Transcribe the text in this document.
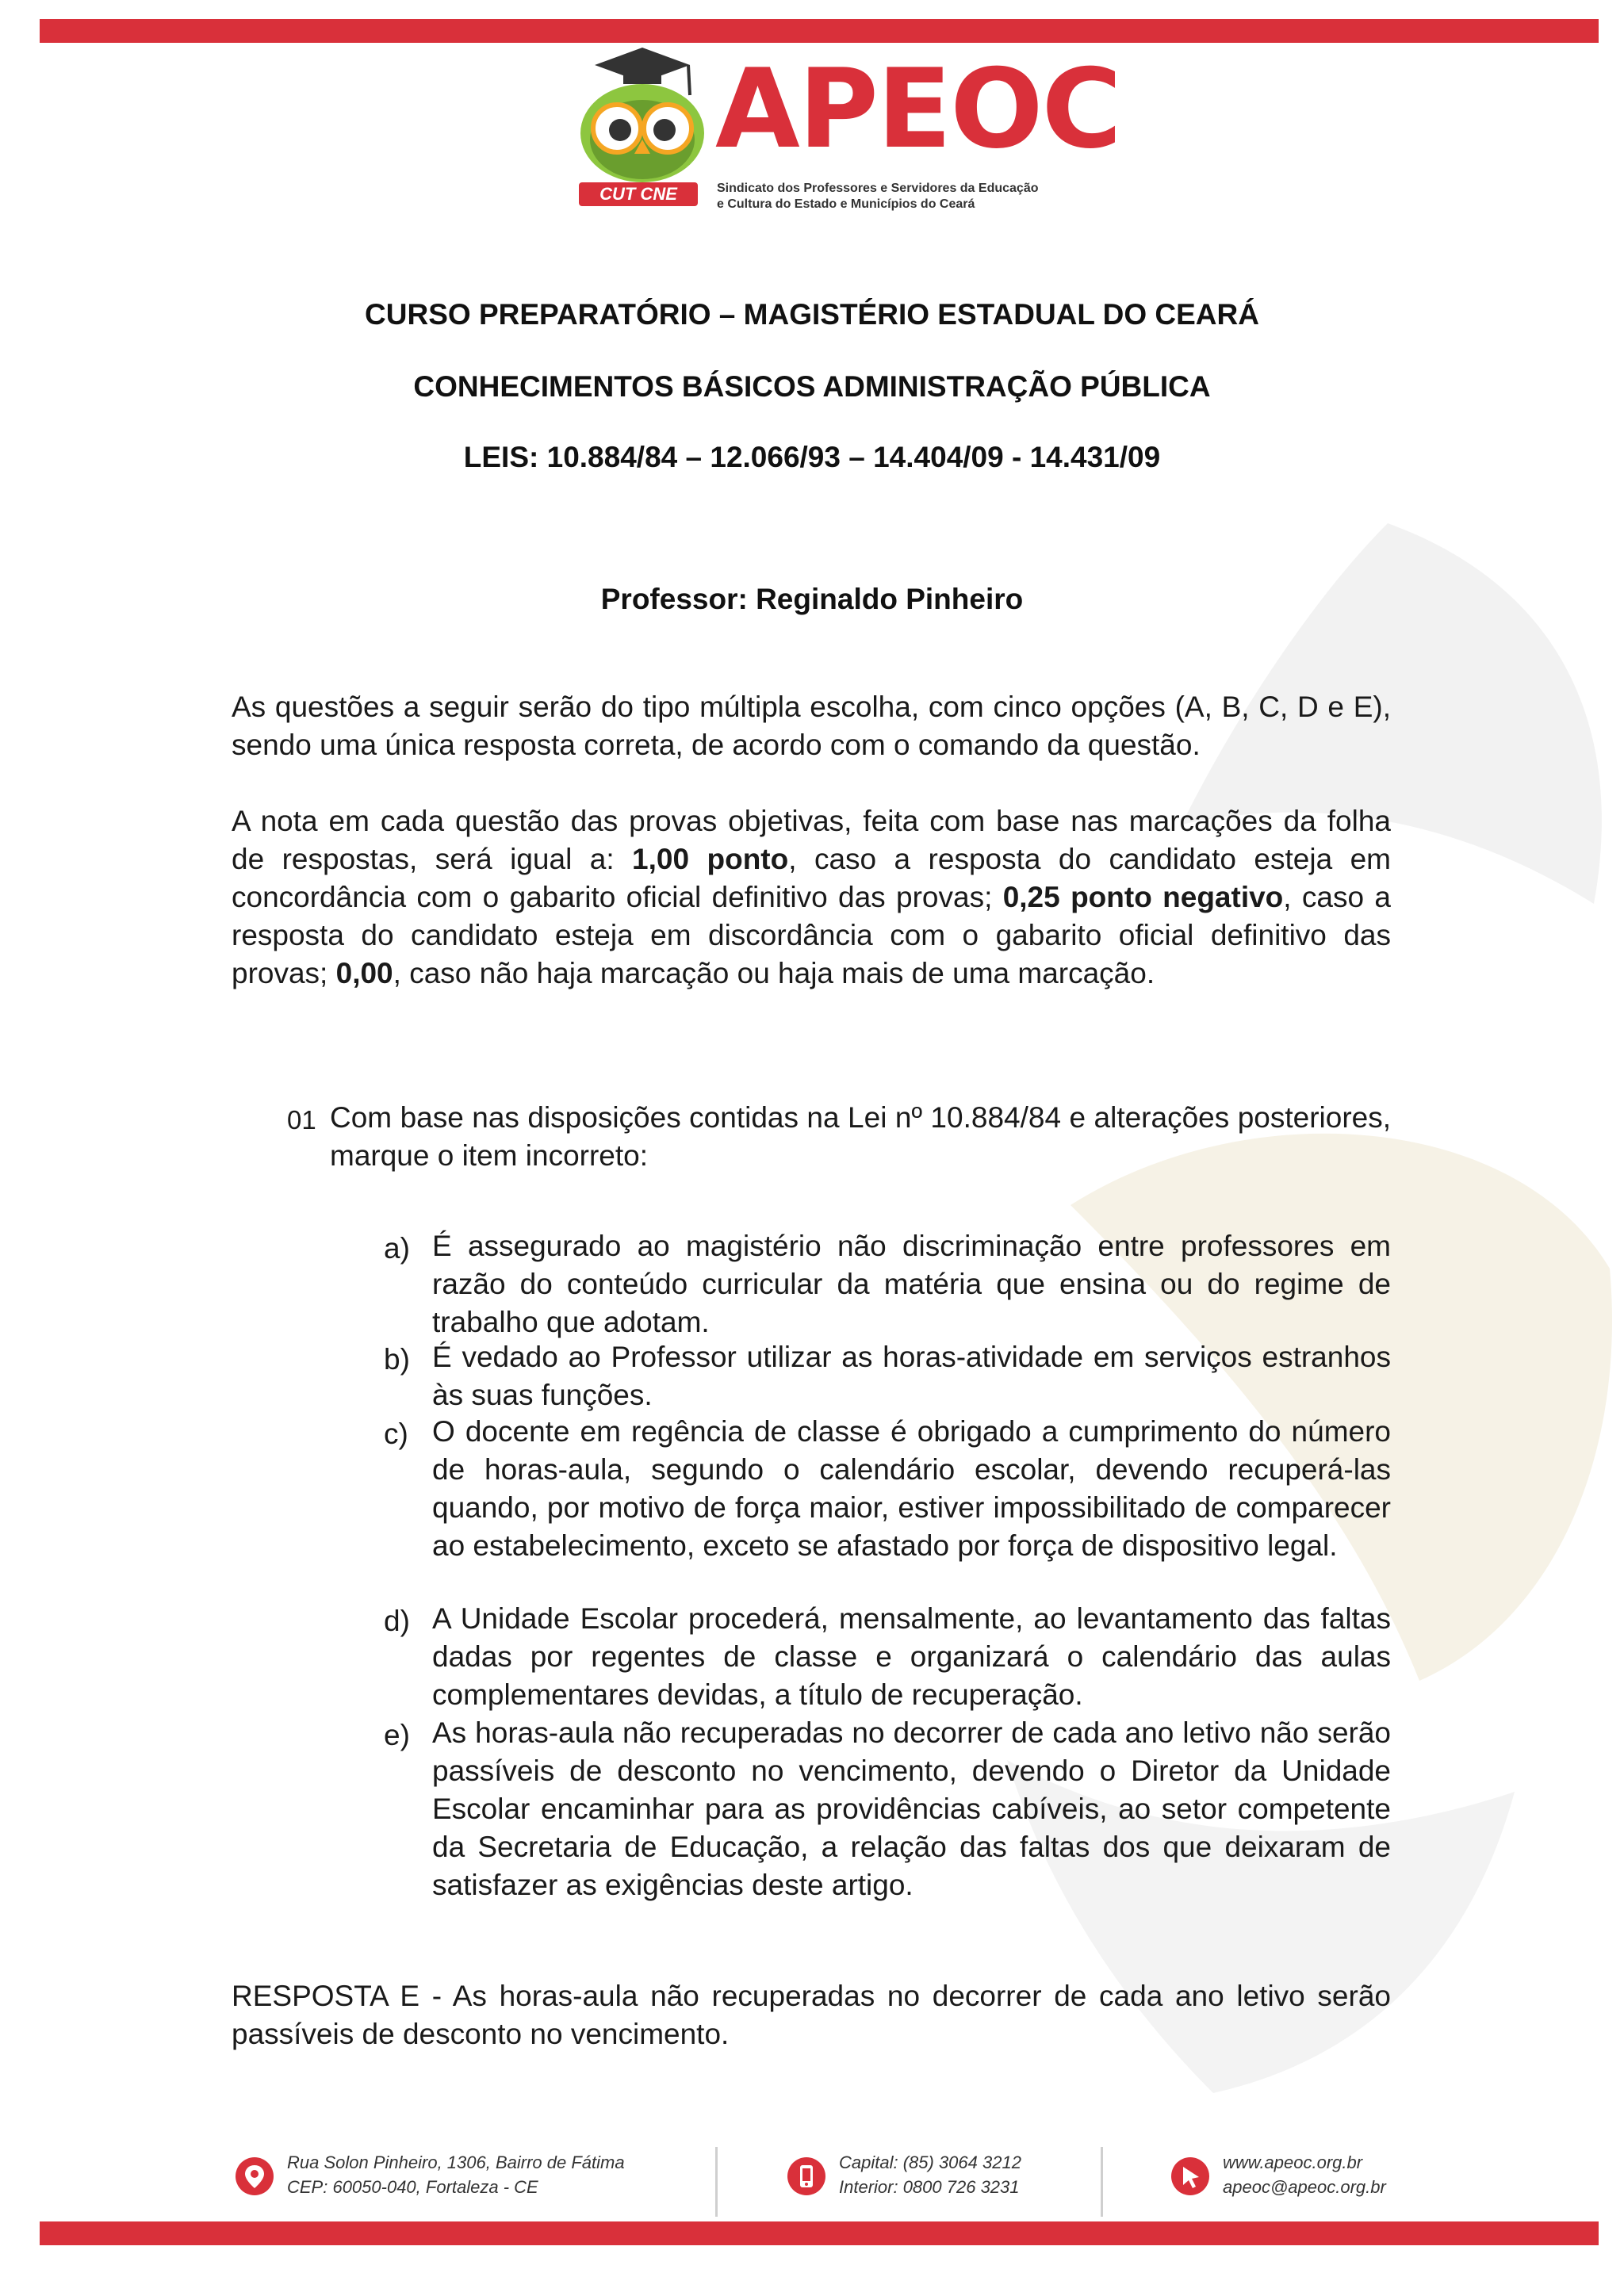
CUT CNE
APEOC
Sindicato dos Professores e Servidores da Educação
e Cultura do Estado e Municípios do Ceará
CURSO PREPARATÓRIO – MAGISTÉRIO ESTADUAL DO CEARÁ
CONHECIMENTOS BÁSICOS ADMINISTRAÇÃO PÚBLICA
LEIS: 10.884/84 – 12.066/93 – 14.404/09 - 14.431/09
Professor: Reginaldo Pinheiro

As questões a seguir serão do tipo múltipla escolha, com cinco opções (A, B, C, D e E), sendo uma única resposta correta, de acordo com o comando da questão.

A nota em cada questão das provas objetivas, feita com base nas marcações da folha de respostas, será igual a: 1,00 ponto, caso a resposta do candidato esteja em concordância com o gabarito oficial definitivo das provas; 0,25 ponto negativo, caso a resposta do candidato esteja em discordância com o gabarito oficial definitivo das provas; 0,00, caso não haja marcação ou haja mais de uma marcação.

01 Com base nas disposições contidas na Lei nº 10.884/84 e alterações posteriores, marque o item incorreto:
a) É assegurado ao magistério não discriminação entre professores em razão do conteúdo curricular da matéria que ensina ou do regime de trabalho que adotam.
b) É vedado ao Professor utilizar as horas-atividade em serviços estranhos às suas funções.
c) O docente em regência de classe é obrigado a cumprimento do número de horas-aula, segundo o calendário escolar, devendo recuperá-las quando, por motivo de força maior, estiver impossibilitado de comparecer ao estabelecimento, exceto se afastado por força de dispositivo legal.
d) A Unidade Escolar procederá, mensalmente, ao levantamento das faltas dadas por regentes de classe e organizará o calendário das aulas complementares devidas, a título de recuperação.
e) As horas-aula não recuperadas no decorrer de cada ano letivo não serão passíveis de desconto no vencimento, devendo o Diretor da Unidade Escolar encaminhar para as providências cabíveis, ao setor competente da Secretaria de Educação, a relação das faltas dos que deixaram de satisfazer as exigências deste artigo.

RESPOSTA E - As horas-aula não recuperadas no decorrer de cada ano letivo serão passíveis de desconto no vencimento.

Rua Solon Pinheiro, 1306, Bairro de Fátima
CEP: 60050-040, Fortaleza - CE
Capital: (85) 3064 3212
Interior: 0800 726 3231
www.apeoc.org.br
apeoc@apeoc.org.br
